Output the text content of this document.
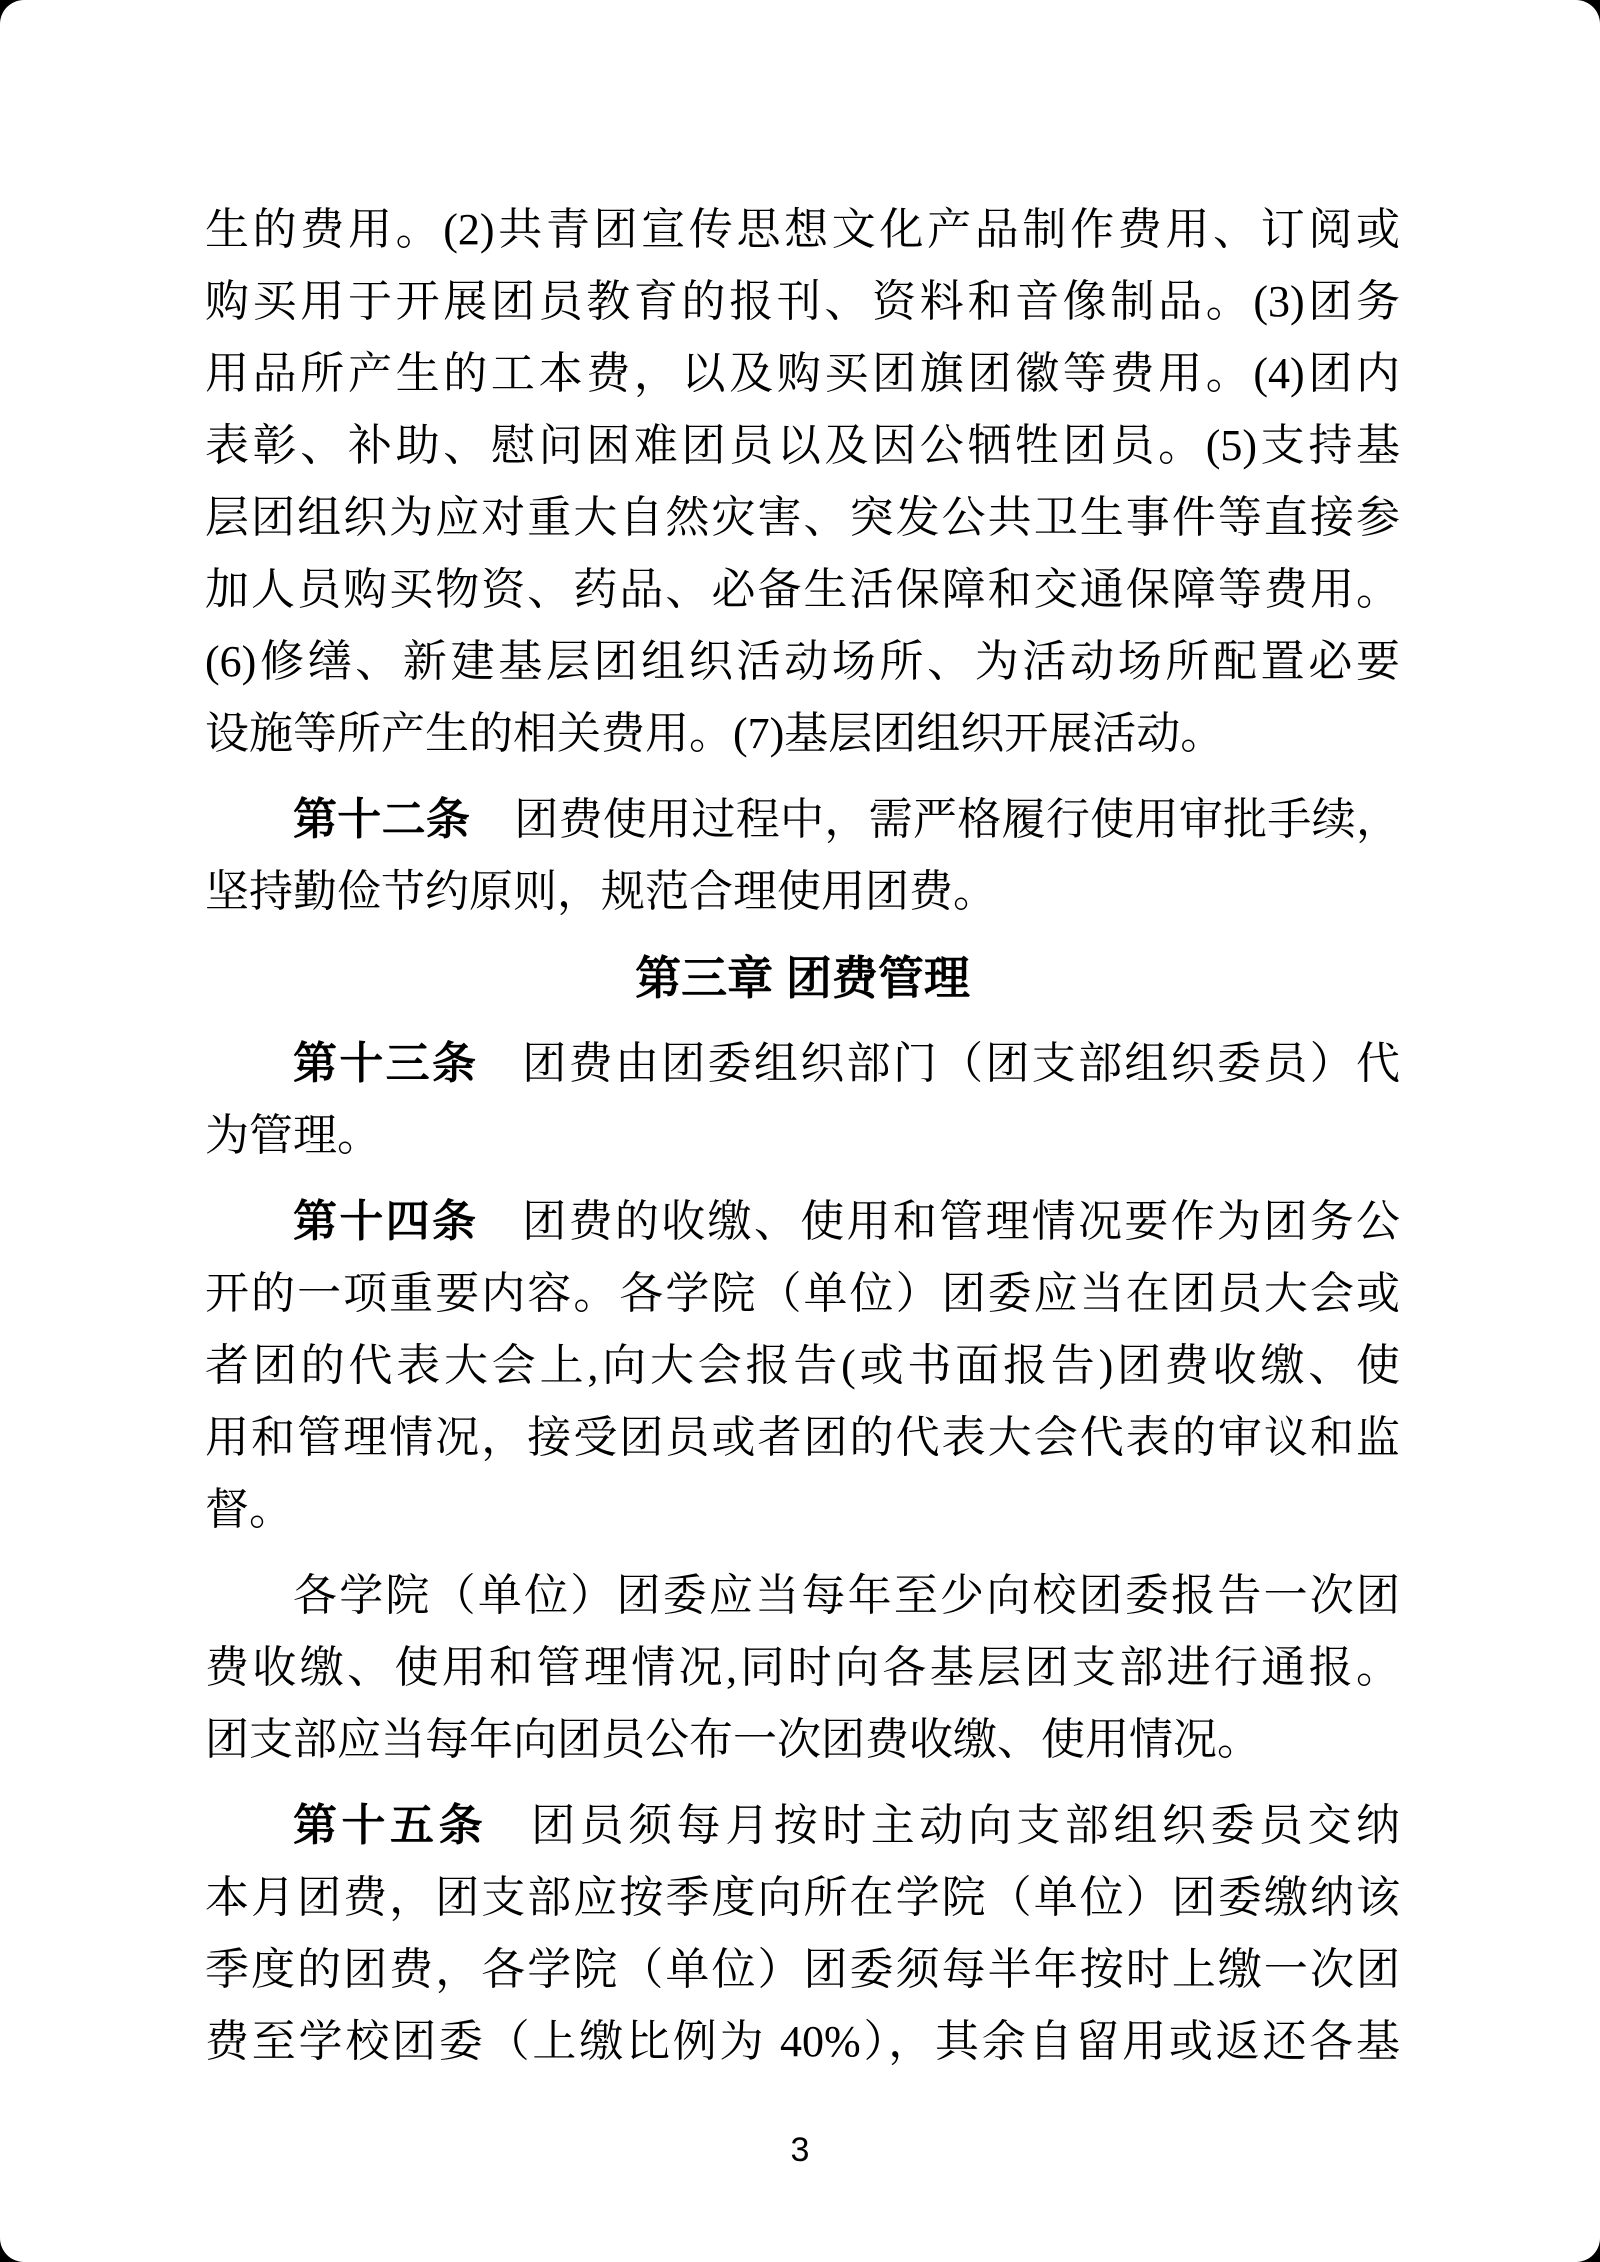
生的费用。(2)共青团宣传思想文化产品制作费用、订阅或
购买用于开展团员教育的报刊、资料和音像制品。(3)团务
用品所产生的工本费，以及购买团旗团徽等费用。(4)团内
表彰、补助、慰问困难团员以及因公牺牲团员。(5)支持基
层团组织为应对重大自然灾害、突发公共卫生事件等直接参
加人员购买物资、药品、必备生活保障和交通保障等费用。
(6)修缮、新建基层团组织活动场所、为活动场所配置必要
设施等所产生的相关费用。(7)基层团组织开展活动。
第十二条 团费使用过程中，需严格履行使用审批手续，
坚持勤俭节约原则，规范合理使用团费。
第三章 团费管理
第十三条 团费由团委组织部门（团支部组织委员）代
为管理。
第十四条 团费的收缴、使用和管理情况要作为团务公
开的一项重要内容。各学院（单位）团委应当在团员大会或
者团的代表大会上,向大会报告(或书面报告)团费收缴、使
用和管理情况，接受团员或者团的代表大会代表的审议和监
督。
各学院（单位）团委应当每年至少向校团委报告一次团
费收缴、使用和管理情况,同时向各基层团支部进行通报。
团支部应当每年向团员公布一次团费收缴、使用情况。
第十五条 团员须每月按时主动向支部组织委员交纳
本月团费，团支部应按季度向所在学院（单位）团委缴纳该
季度的团费，各学院（单位）团委须每半年按时上缴一次团
费至学校团委（上缴比例为 40%），其余自留用或返还各基
3
